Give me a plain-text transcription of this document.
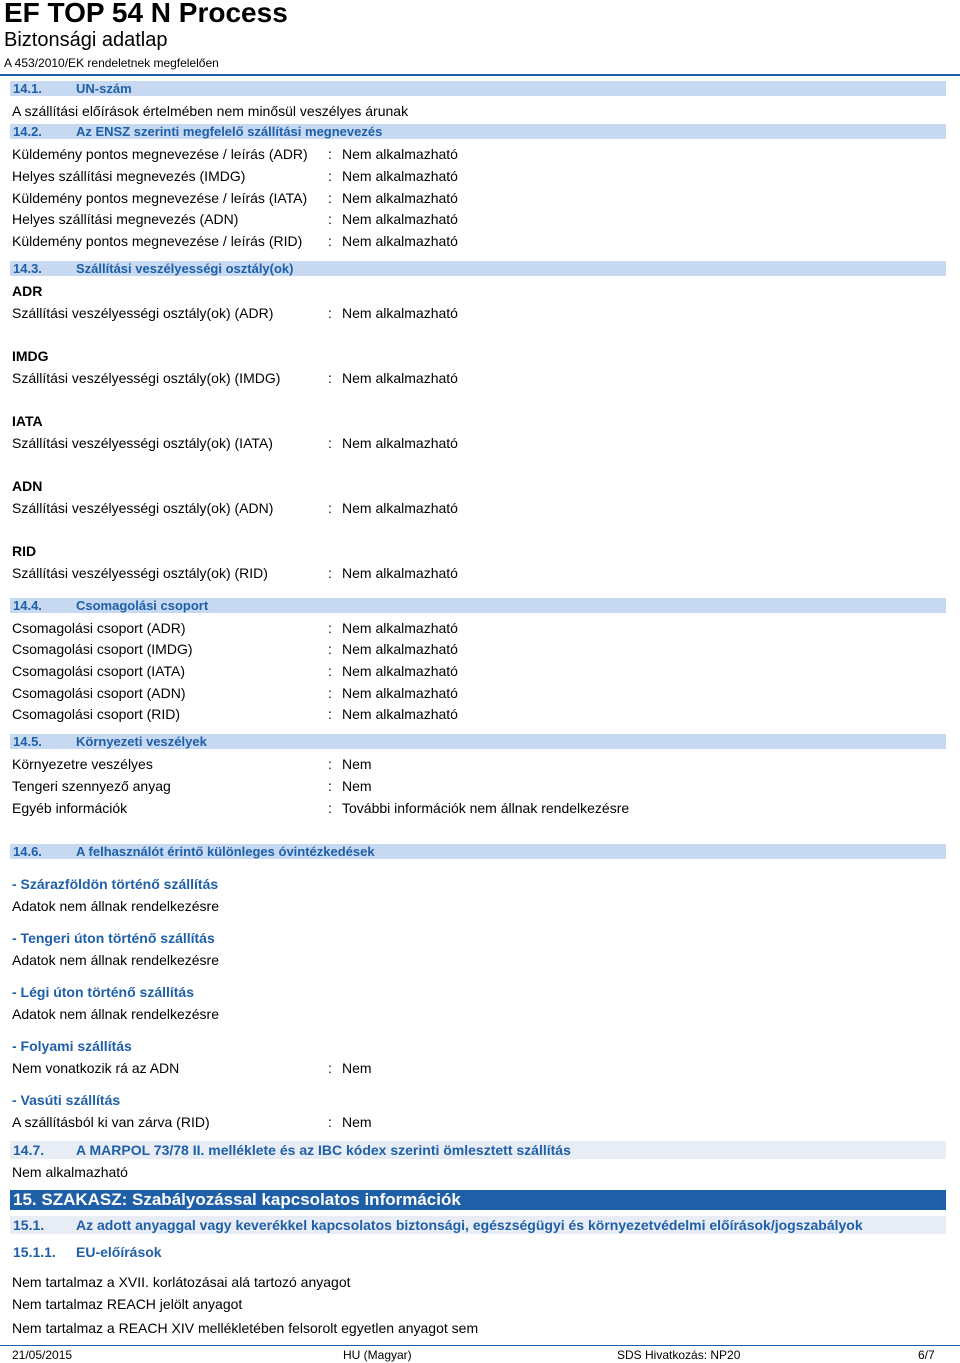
EF TOP 54 N Process
Biztonsági adatlap
A 453/2010/EK rendeletnek megfelelően
14.1.	UN-szám
A szállítási előírások értelmében nem minősül veszélyes árunak
14.2.	Az ENSZ szerinti megfelelő szállítási megnevezés
Küldemény pontos megnevezése / leírás (ADR) : Nem alkalmazható
Helyes szállítási megnevezés (IMDG)	: Nem alkalmazható
Küldemény pontos megnevezése / leírás (IATA) : Nem alkalmazható
Helyes szállítási megnevezés (ADN)	: Nem alkalmazható
Küldemény pontos megnevezése / leírás (RID) : Nem alkalmazható
14.3.	Szállítási veszélyességi osztály(ok)
ADR
Szállítási veszélyességi osztály(ok) (ADR)	: Nem alkalmazható
IMDG
Szállítási veszélyességi osztály(ok) (IMDG)	: Nem alkalmazható
IATA
Szállítási veszélyességi osztály(ok) (IATA)	: Nem alkalmazható
ADN
Szállítási veszélyességi osztály(ok) (ADN)	: Nem alkalmazható
RID
Szállítási veszélyességi osztály(ok) (RID)	: Nem alkalmazható
14.4.	Csomagolási csoport
Csomagolási csoport (ADR)	: Nem alkalmazható
Csomagolási csoport (IMDG)	: Nem alkalmazható
Csomagolási csoport (IATA)	: Nem alkalmazható
Csomagolási csoport (ADN)	: Nem alkalmazható
Csomagolási csoport (RID)	: Nem alkalmazható
14.5.	Környezeti veszélyek
Környezetre veszélyes	: Nem
Tengeri szennyező anyag	: Nem
Egyéb információk	: További információk nem állnak rendelkezésre
14.6.	A felhasználót érintő különleges óvintézkedések
- Szárazföldön történő szállítás
Adatok nem állnak rendelkezésre
- Tengeri úton történő szállítás
Adatok nem állnak rendelkezésre
- Légi úton történő szállítás
Adatok nem állnak rendelkezésre
- Folyami szállítás
Nem vonatkozik rá az ADN	: Nem
- Vasúti szállítás
A szállításból ki van zárva (RID)	: Nem
14.7. A MARPOL 73/78 II. melléklete és az IBC kódex szerinti ömlesztett szállítás
Nem alkalmazható
15. SZAKASZ: Szabályozással kapcsolatos információk
15.1. Az adott anyaggal vagy keverékkel kapcsolatos biztonsági, egészségügyi és környezetvédelmi előírások/jogszabályok
15.1.1. EU-előírások
Nem tartalmaz a XVII. korlátozásai alá tartozó anyagot
Nem tartalmaz REACH jelölt anyagot
Nem tartalmaz a REACH XIV mellékletében felsorolt egyetlen anyagot sem
21/05/2015	HU (Magyar)	SDS Hivatkozás: NP20	6/7
